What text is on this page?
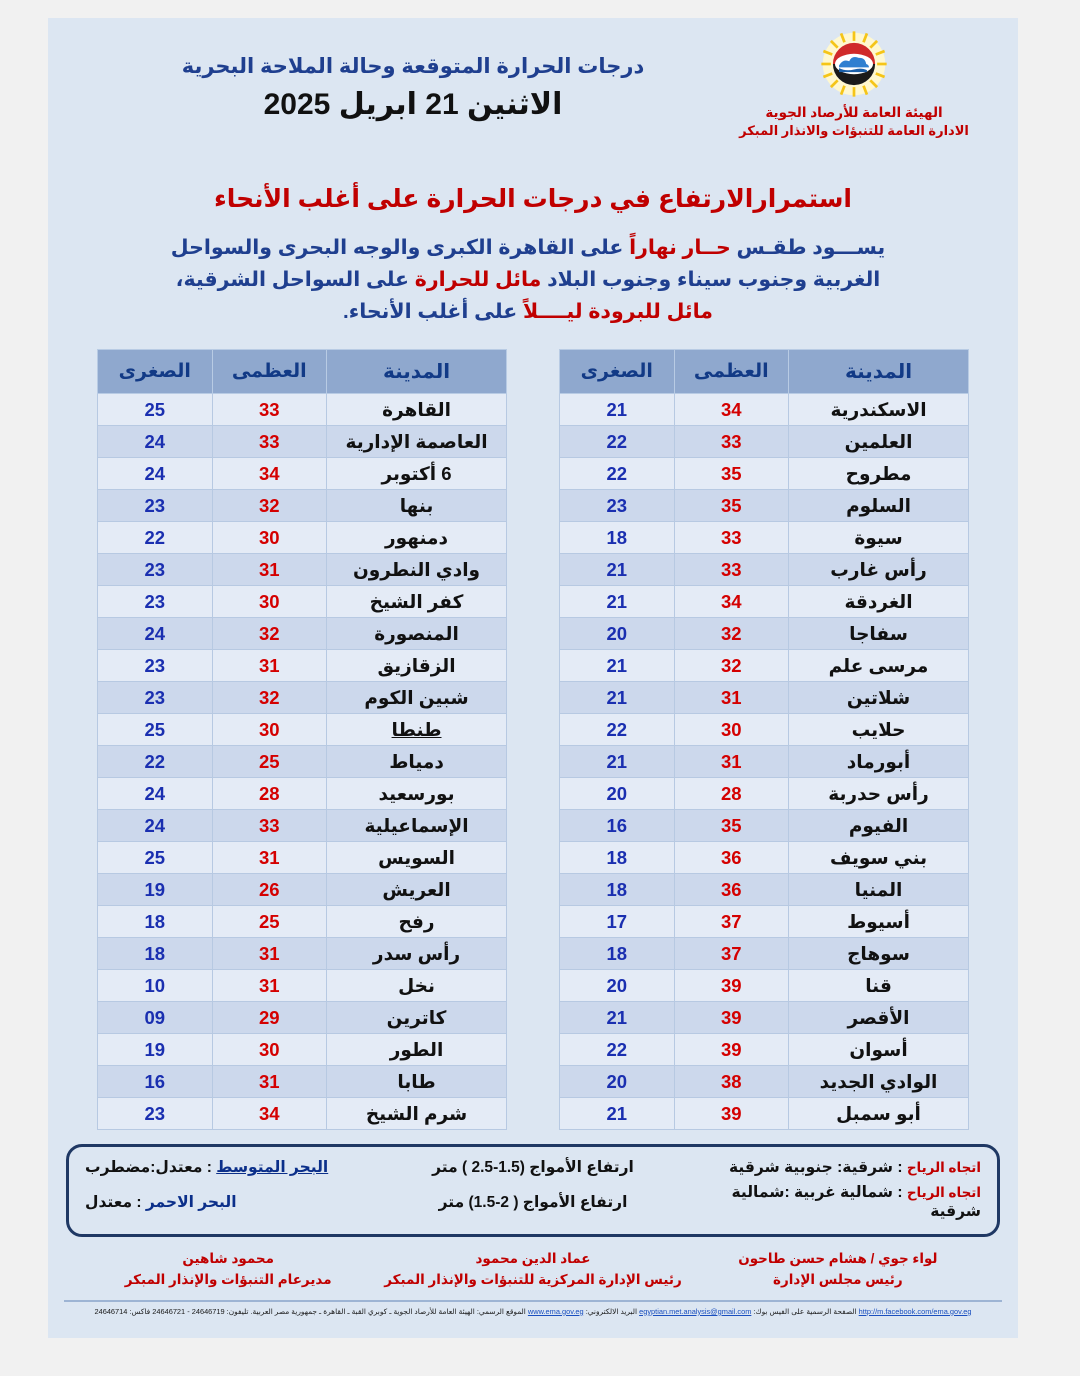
الهيئة العامة للأرصاد الجوية
الادارة العامة للتنبؤات والانذار المبكر
درجات الحرارة المتوقعة وحالة الملاحة البحرية
الاثنين 21 ابريل 2025
استمرارالارتفاع في درجات الحرارة على أغلب الأنحاء
يســـود طقـس حــار نهاراً على القاهرة الكبرى والوجه البحرى والسواحل الغربية وجنوب سيناء وجنوب البلاد مائل للحرارة على السواحل الشرقية، مائل للبرودة ليــــلاً على أغلب الأنحاء.
المدينة	العظمى	الصغرى
القاهرة	33	25
العاصمة الإدارية	33	24
6 أكتوبر	34	24
بنها	32	23
دمنهور	30	22
وادي النطرون	31	23
كفر الشيخ	30	23
المنصورة	32	24
الزقازيق	31	23
شبين الكوم	32	23
طنطا	30	25
دمياط	25	22
بورسعيد	28	24
الإسماعيلية	33	24
السويس	31	25
العريش	26	19
رفح	25	18
رأس سدر	31	18
نخل	31	10
كاترين	29	09
الطور	30	19
طابا	31	16
شرم الشيخ	34	23
المدينة	العظمى	الصغرى
الاسكندرية	34	21
العلمين	33	22
مطروح	35	22
السلوم	35	23
سيوة	33	18
رأس غارب	33	21
الغردقة	34	21
سفاجا	32	20
مرسى علم	32	21
شلاتين	31	21
حلايب	30	22
أبورماد	31	21
رأس حدربة	28	20
الفيوم	35	16
بني سويف	36	18
المنيا	36	18
أسيوط	37	17
سوهاج	37	18
قنا	39	20
الأقصر	39	21
أسوان	39	22
الوادي الجديد	38	20
أبو سمبل	39	21
اتجاه الرياح : شرقية: جنوبية شرقية
ارتفاع الأمواج (1.5-2.5 ) متر
البحر المتوسط : معتدل:مضطرب
اتجاه الرياح : شمالية غربية :شمالية شرقية
ارتفاع الأمواج ( 2-1.5) متر
البحر الاحمر : معتدل
لواء جوي / هشام حسن طاحون
رئيس مجلس الإدارة
عماد الدين محمود
رئيس الإدارة المركزية للتنبؤات والإنذار المبكر
محمود شاهين
مديرعام التنبؤات والإنذار المبكر
http://m.facebook.com/ema.gov.eg الصفحة الرسمية على الفيس بوك: egyptian.met.analysis@gmail.com البريد الالكتروني: www.ema.gov.eg الموقع الرسمي: الهيئة العامة للأرصاد الجوية ـ كوبري القبة ـ القاهرة ـ جمهورية مصر العربية. تليفون: 24646719 - 24646721 فاكس: 24646714
